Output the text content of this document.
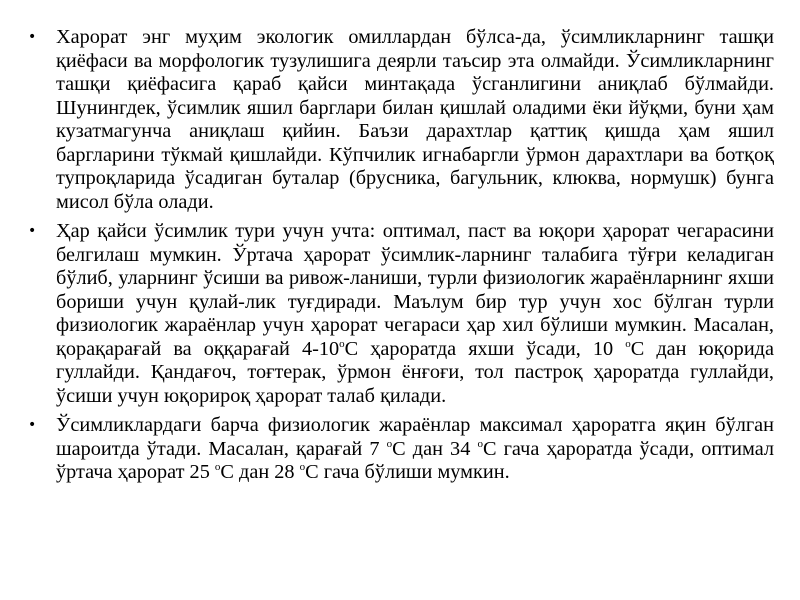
• Харорат энг муҳим экологик омиллардан бўлса-да, ўсимликларнинг ташқи қиёфаси ва морфологик тузулишига деярли таъсир эта олмайди. Ўсимликларнинг ташқи қиёфасига қараб қайси минтақада ўсганлигини аниқлаб бўлмайди. Шунингдек, ўсимлик яшил барглари билан қишлай оладими ёки йўқми, буни ҳам кузатмагунча аниқлаш қийин. Баъзи дарахтлар қаттиқ қишда ҳам яшил баргларини тўкмай қишлайди. Кўпчилик игнабаргли ўрмон дарахтлари ва ботқоқ тупроқларида ўсадиган буталар (брусника, багульник, клюква, нормушк) бунга мисол бўла олади.
• Ҳар қайси ўсимлик тури учун учта: оптимал, паст ва юқори ҳарорат чегарасини белгилаш мумкин. Ўртача ҳарорат ўсимлик-ларнинг талабига тўғри келадиган бўлиб, уларнинг ўсиши ва ривож-ланиши, турли физиологик жараёнларнинг яхши бориши учун қулай-лик туғдиради. Маълум бир тур учун хос бўлган турли физиологик жараёнлар учун ҳарорат чегараси ҳар хил бўлиши мумкин. Масалан, қорақарағай ва оққарағай $4-10^оС$ ҳароратда яхши ўсади, 10 $^о$С дан юқорида гуллайди. Қандағоч, тоғтерак, ўрмон ёнғоғи, тол пастроқ ҳароратда гуллайди, ўсиши учун юқорироқ ҳарорат талаб қилади.
• Ўсимликлардаги барча физиологик жараёнлар максимал ҳароратга яқин бўлган шароитда ўтади. Масалан, қарағай 7 $^о$С дан 34 $^о$С гача ҳароратда ўсади, оптимал ўртача ҳарорат 25 $^о$С дан 28 $^о$С гача бўлиши мумкин.
